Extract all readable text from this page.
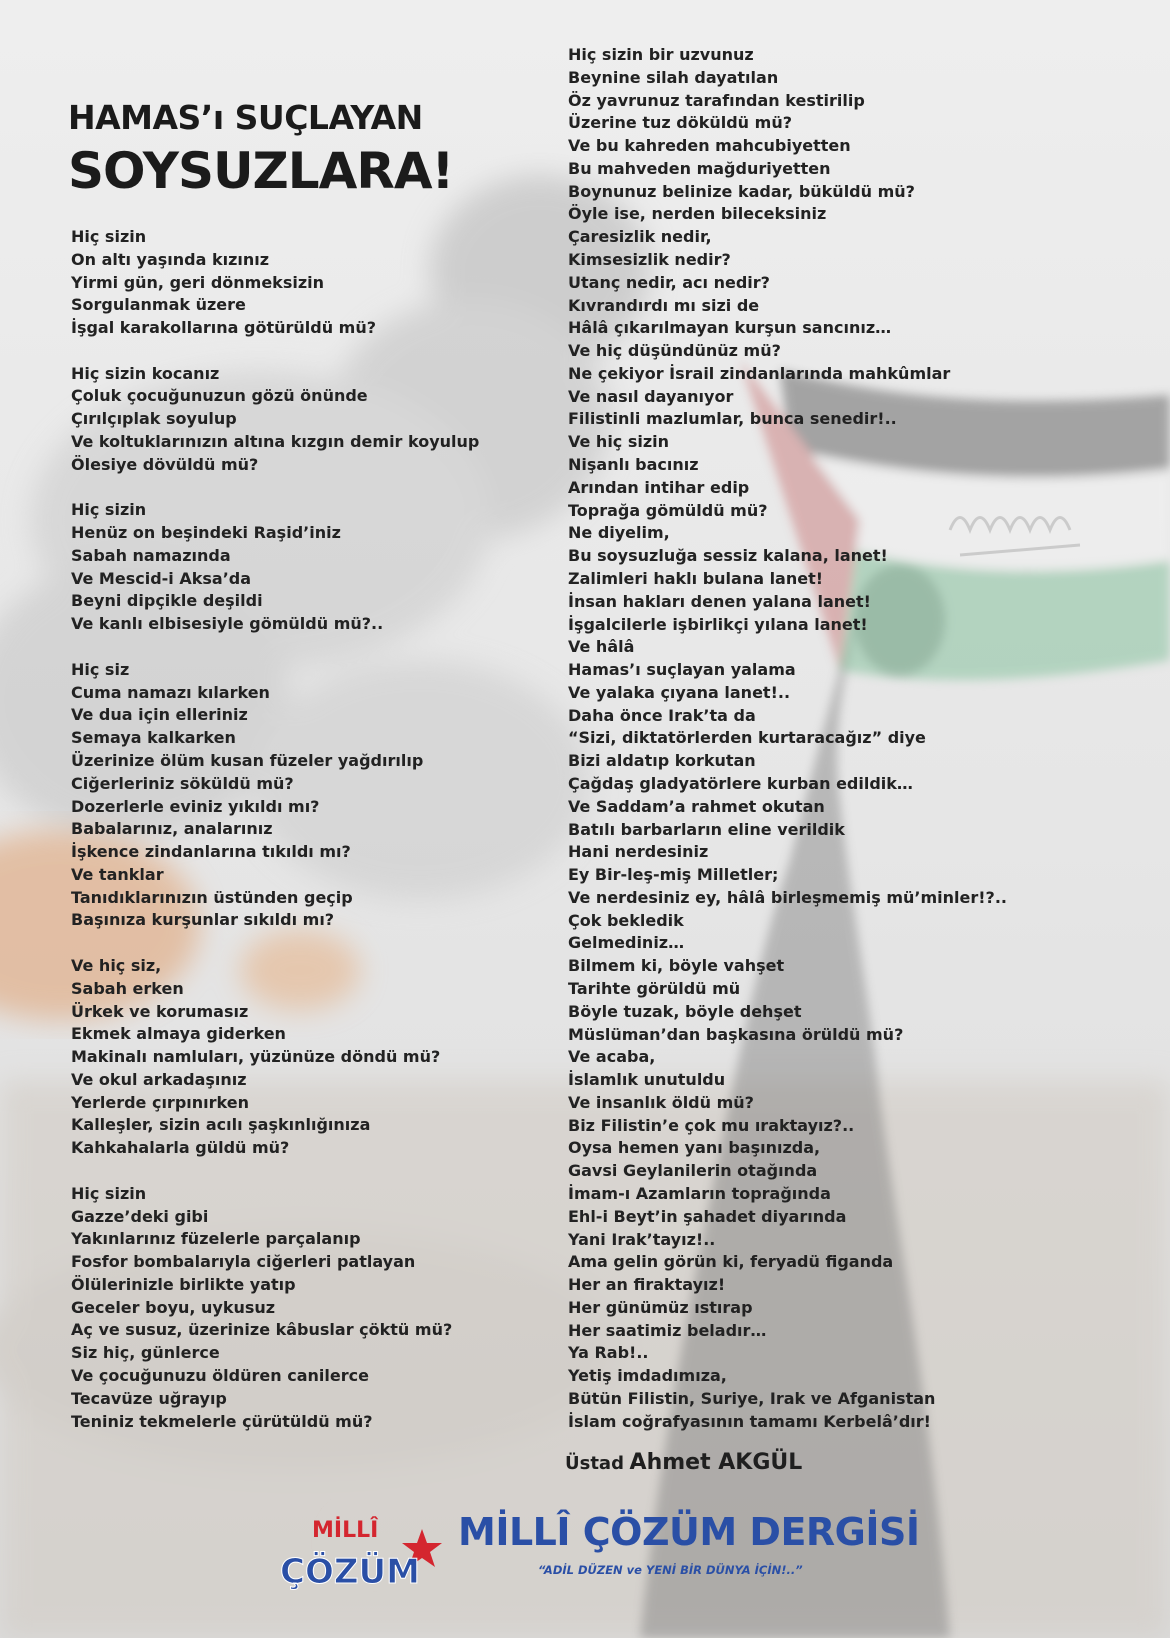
HAMAS’ı SUÇLAYAN
SOYSUZLARA!

Hiç sizin

On altı yaşında kızınız

Yirmi gün, geri dönmeksizin

Sorgulanmak üzere

İşgal karakollarına götürüldü mü?

Hiç sizin kocanız

Çoluk çocuğunuzun gözü önünde

Çırılçıplak soyulup

Ve koltuklarınızın altına kızgın demir koyulup

Ölesiye dövüldü mü?

Hiç sizin

Henüz on beşindeki Raşid’iniz

Sabah namazında

Ve Mescid-i Aksa’da

Beyni dipçikle deşildi

Ve kanlı elbisesiyle gömüldü mü?..

Hiç siz

Cuma namazı kılarken

Ve dua için elleriniz

Semaya kalkarken

Üzerinize ölüm kusan füzeler yağdırılıp

Ciğerleriniz söküldü mü?

Dozerlerle eviniz yıkıldı mı?

Babalarınız, analarınız

İşkence zindanlarına tıkıldı mı?

Ve tanklar

Tanıdıklarınızın üstünden geçip

Başınıza kurşunlar sıkıldı mı?

Ve hiç siz,

Sabah erken

Ürkek ve korumasız

Ekmek almaya giderken

Makinalı namluları, yüzünüze döndü mü?

Ve okul arkadaşınız

Yerlerde çırpınırken

Kalleşler, sizin acılı şaşkınlığınıza

Kahkahalarla güldü mü?

Hiç sizin

Gazze’deki gibi

Yakınlarınız füzelerle parçalanıp

Fosfor bombalarıyla ciğerleri patlayan

Ölülerinizle birlikte yatıp

Geceler boyu, uykusuz

Aç ve susuz, üzerinize kâbuslar çöktü mü?

Siz hiç, günlerce

Ve çocuğunuzu öldüren canilerce

Tecavüze uğrayıp

Teniniz tekmelerle çürütüldü mü?

Hiç sizin bir uzvunuz

Beynine silah dayatılan

Öz yavrunuz tarafından kestirilip

Üzerine tuz döküldü mü?

Ve bu kahreden mahcubiyetten

Bu mahveden mağduriyetten

Boynunuz belinize kadar, büküldü mü?

Öyle ise, nerden bileceksiniz

Çaresizlik nedir,

Kimsesizlik nedir?

Utanç nedir, acı nedir?

Kıvrandırdı mı sizi de

Hâlâ çıkarılmayan kurşun sancınız…

Ve hiç düşündünüz mü?

Ne çekiyor İsrail zindanlarında mahkûmlar

Ve nasıl dayanıyor

Filistinli mazlumlar, bunca senedir!..

Ve hiç sizin

Nişanlı bacınız

Arından intihar edip

Toprağa gömüldü mü?

Ne diyelim,

Bu soysuzluğa sessiz kalana, lanet!

Zalimleri haklı bulana lanet!

İnsan hakları denen yalana lanet!

İşgalcilerle işbirlikçi yılana lanet!

Ve hâlâ

Hamas’ı suçlayan yalama

Ve yalaka çıyana lanet!..

Daha önce Irak’ta da

“Sizi, diktatörlerden kurtaracağız” diye

Bizi aldatıp korkutan

Çağdaş gladyatörlere kurban edildik…

Ve Saddam’a rahmet okutan

Batılı barbarların eline verildik

Hani nerdesiniz

Ey Bir-leş-miş Milletler;

Ve nerdesiniz ey, hâlâ birleşmemiş mü’minler!?..

Çok bekledik

Gelmediniz…

Bilmem ki, böyle vahşet

Tarihte görüldü mü

Böyle tuzak, böyle dehşet

Müslüman’dan başkasına örüldü mü?

Ve acaba,

İslamlık unutuldu

Ve insanlık öldü mü?

Biz Filistin’e çok mu ıraktayız?..

Oysa hemen yanı başınızda,

Gavsi Geylanilerin otağında

İmam-ı Azamların toprağında

Ehl-i Beyt’in şahadet diyarında

Yani Irak’tayız!..

Ama gelin görün ki, feryadü figanda

Her an firaktayız!

Her günümüz ıstırap

Her saatimiz beladır…

Ya Rab!..

Yetiş imdadımıza,

Bütün Filistin, Suriye, Irak ve Afganistan

İslam coğrafyasının tamamı Kerbelâ’dır!

Üstad Ahmet AKGÜL
MİLLÎ
ÇÖZÜM

MİLLÎ ÇÖZÜM DERGİSİ

“ADİL DÜZEN ve YENİ BİR DÜNYA İÇİN!..”
